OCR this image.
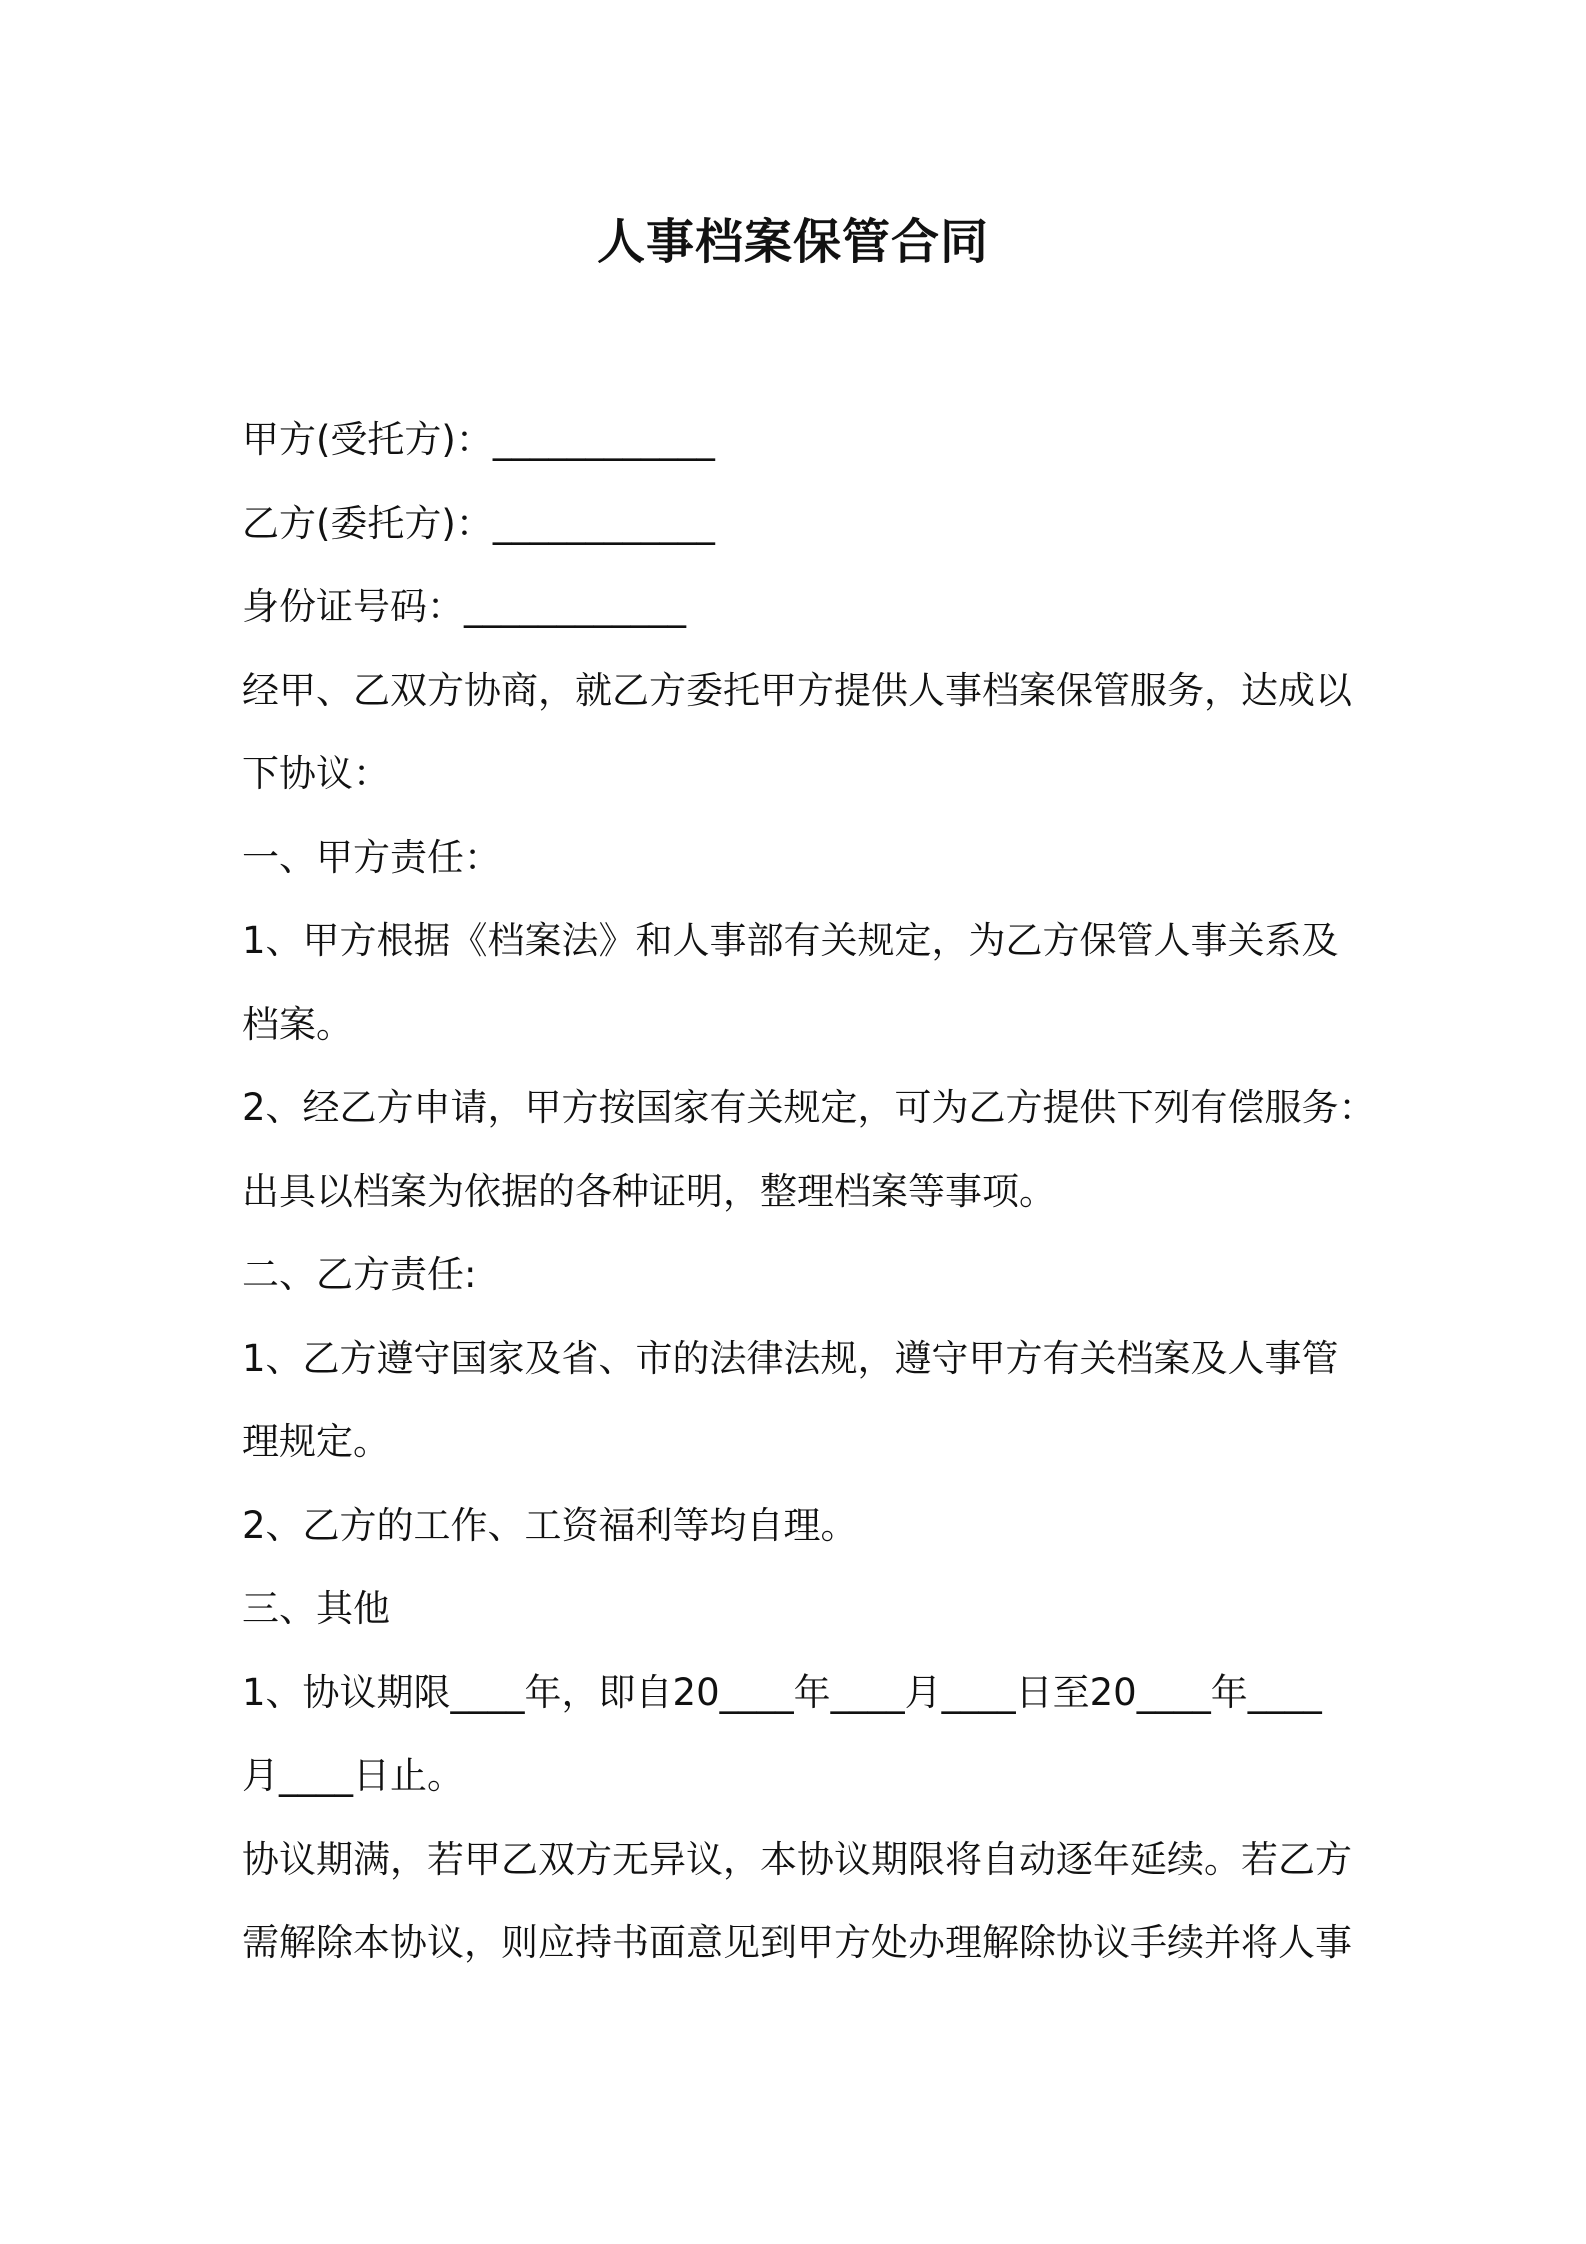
人事档案保管合同
甲方(受托方)：____________
乙方(委托方)：____________
身份证号码：____________
经甲、乙双方协商，就乙方委托甲方提供人事档案保管服务，达成以
下协议：
一、甲方责任：
1、甲方根据《档案法》和人事部有关规定，为乙方保管人事关系及
档案。
2、经乙方申请，甲方按国家有关规定，可为乙方提供下列有偿服务：
出具以档案为依据的各种证明，整理档案等事项。
二、乙方责任:
1、乙方遵守国家及省、市的法律法规，遵守甲方有关档案及人事管
理规定。
2、乙方的工作、工资福利等均自理。
三、其他
1、协议期限____年，即自20____年____月____日至20____年____
月____日止。
协议期满，若甲乙双方无异议，本协议期限将自动逐年延续。若乙方
需解除本协议，则应持书面意见到甲方处办理解除协议手续并将人事
